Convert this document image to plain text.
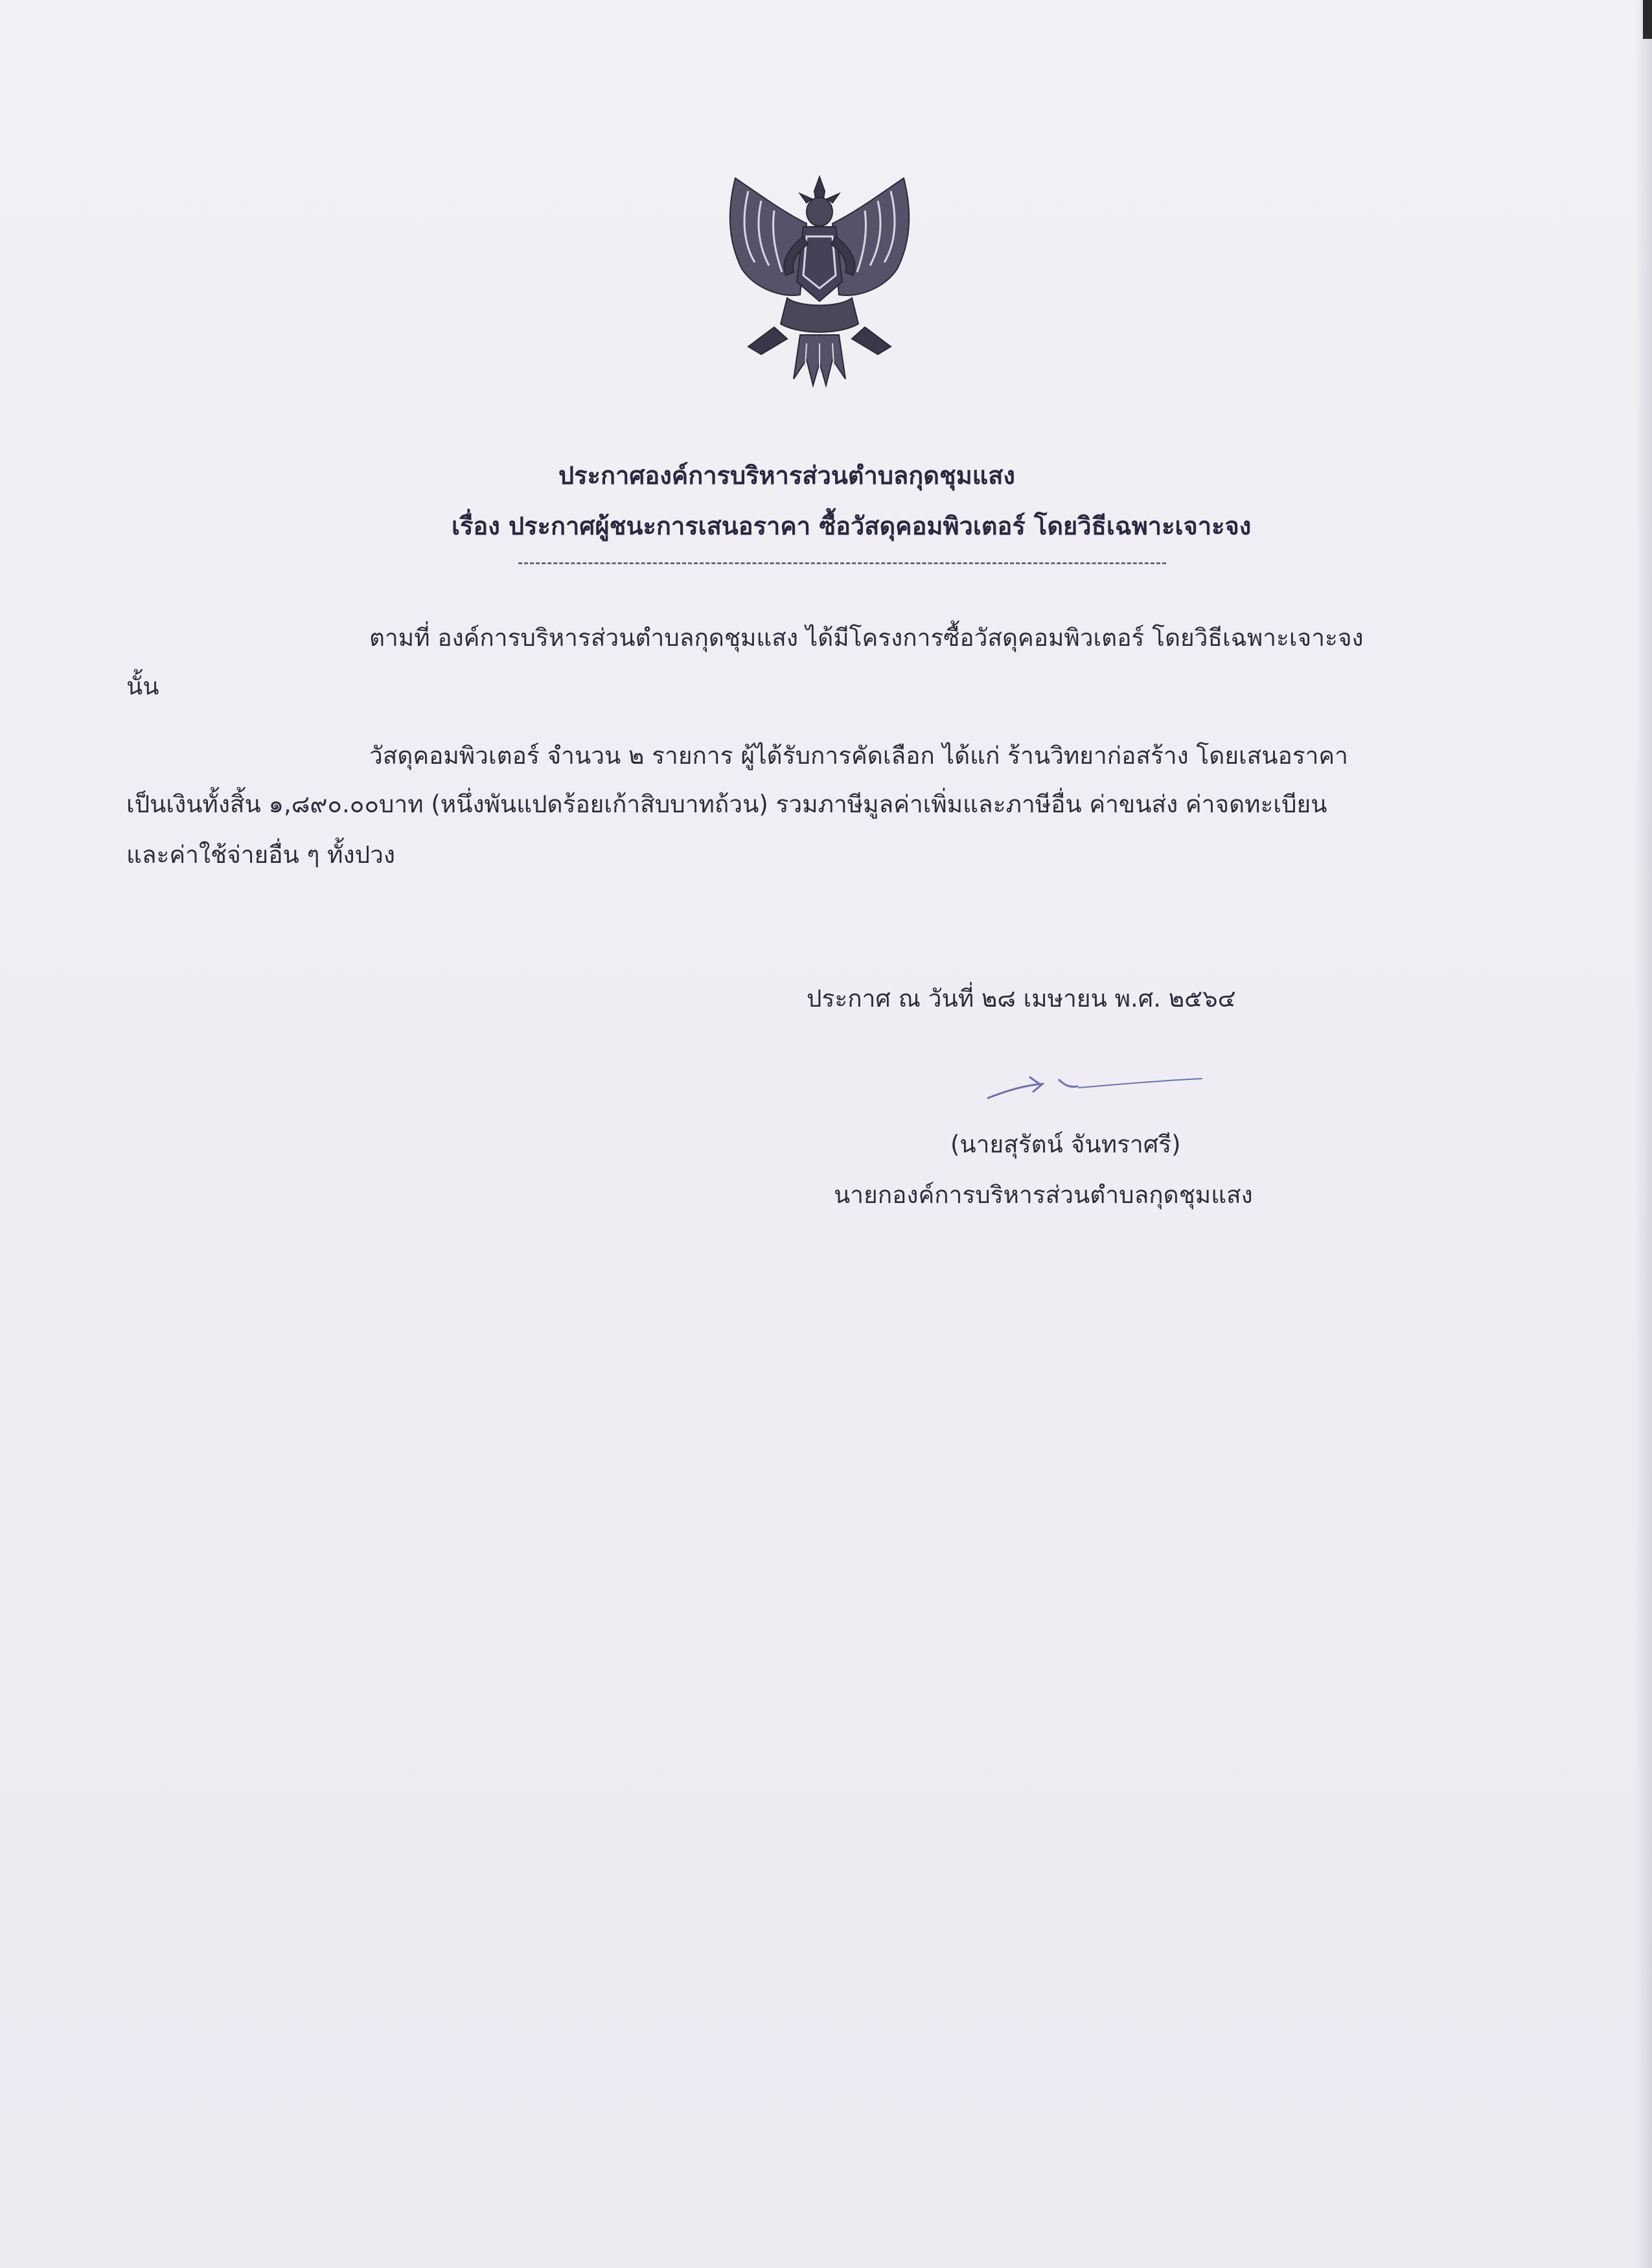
ประกาศองค์การบริหารส่วนตำบลกุดชุมแสง
เรื่อง ประกาศผู้ชนะการเสนอราคา ซื้อวัสดุคอมพิวเตอร์ โดยวิธีเฉพาะเจาะจง
ตามที่ องค์การบริหารส่วนตำบลกุดชุมแสง ได้มีโครงการซื้อวัสดุคอมพิวเตอร์ โดยวิธีเฉพาะเจาะจง
นั้น
วัสดุคอมพิวเตอร์ จำนวน ๒ รายการ ผู้ได้รับการคัดเลือก ได้แก่ ร้านวิทยาก่อสร้าง โดยเสนอราคา
เป็นเงินทั้งสิ้น ๑,๘๙๐.๐๐บาท (หนึ่งพันแปดร้อยเก้าสิบบาทถ้วน) รวมภาษีมูลค่าเพิ่มและภาษีอื่น ค่าขนส่ง ค่าจดทะเบียน
และค่าใช้จ่ายอื่น ๆ ทั้งปวง
ประกาศ ณ วันที่ ๒๘ เมษายน พ.ศ. ๒๕๖๔
(นายสุรัตน์ จันทราศรี)
นายกองค์การบริหารส่วนตำบลกุดชุมแสง
